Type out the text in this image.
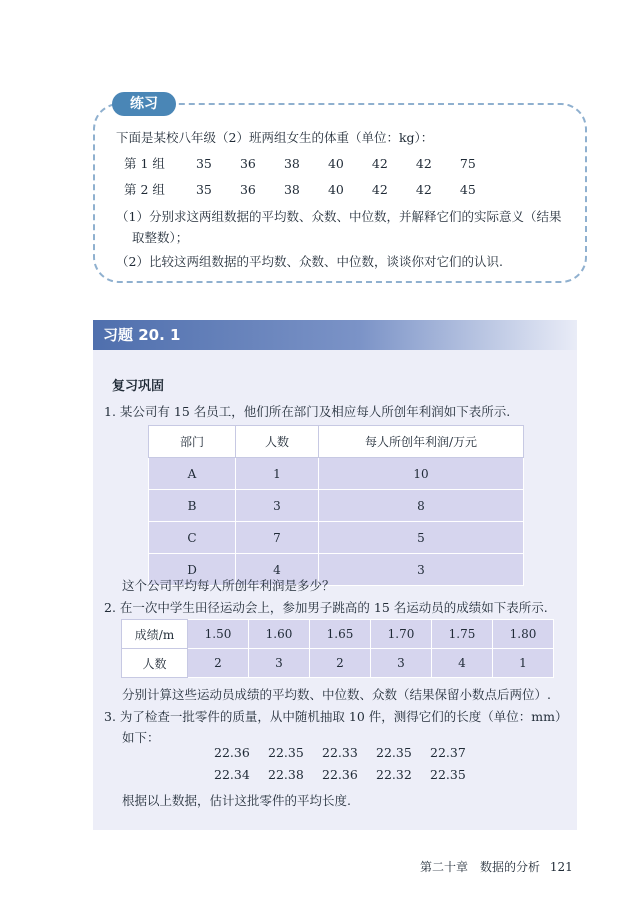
练习
下面是某校八年级（2）班两组女生的体重（单位：kg）：
第 1 组 35 36 38 40 42 42 75
第 2 组 35 36 38 40 42 42 45
（1）分别求这两组数据的平均数、众数、中位数，并解释它们的实际意义（结果
取整数）；
（2）比较这两组数据的平均数、众数、中位数，谈谈你对它们的认识.
习题 20. 1
复习巩固
1. 某公司有 15 名员工，他们所在部门及相应每人所创年利润如下表所示.
部门	人数	每人所创年利润/万元
A	1	10
B	3	8
C	7	5
D	4	3
这个公司平均每人所创年利润是多少？
2. 在一次中学生田径运动会上，参加男子跳高的 15 名运动员的成绩如下表所示.
成绩/m	1.50	1.60	1.65	1.70	1.75	1.80
人数	2	3	2	3	4	1
分别计算这些运动员成绩的平均数、中位数、众数（结果保留小数点后两位）.
3. 为了检查一批零件的质量，从中随机抽取 10 件，测得它们的长度（单位：mm）
如下：
22.36 22.35 22.33 22.35 22.37
22.34 22.38 22.36 22.32 22.35
根据以上数据，估计这批零件的平均长度.
第二十章　数据的分析 121
